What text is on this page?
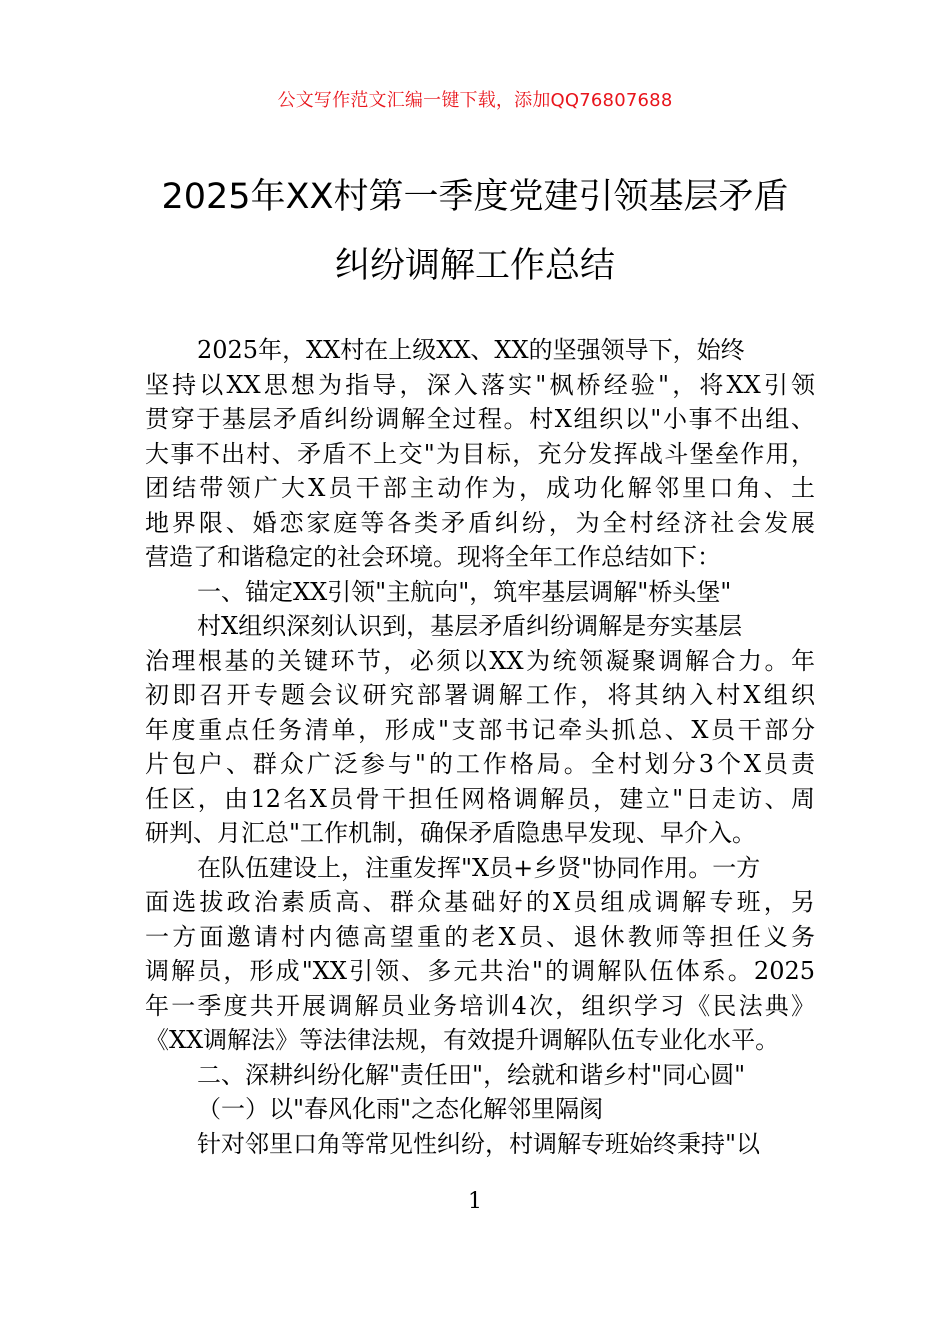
公文写作范文汇编一键下载，添加QQ76807688
2025年XX村第一季度党建引领基层矛盾
纠纷调解工作总结
2025年，XX村在上级XX、XX的坚强领导下，始终
坚持以XX思想为指导，深入落实"枫桥经验"，将XX引领
贯穿于基层矛盾纠纷调解全过程。村X组织以"小事不出组、
大事不出村、矛盾不上交"为目标，充分发挥战斗堡垒作用，
团结带领广大X员干部主动作为，成功化解邻里口角、土
地界限、婚恋家庭等各类矛盾纠纷，为全村经济社会发展
营造了和谐稳定的社会环境。现将全年工作总结如下：
一、锚定XX引领"主航向"，筑牢基层调解"桥头堡"
村X组织深刻认识到，基层矛盾纠纷调解是夯实基层
治理根基的关键环节，必须以XX为统领凝聚调解合力。年
初即召开专题会议研究部署调解工作，将其纳入村X组织
年度重点任务清单，形成"支部书记牵头抓总、X员干部分
片包户、群众广泛参与"的工作格局。全村划分3个X员责
任区，由12名X员骨干担任网格调解员，建立"日走访、周
研判、月汇总"工作机制，确保矛盾隐患早发现、早介入。
在队伍建设上，注重发挥"X员+乡贤"协同作用。一方
面选拔政治素质高、群众基础好的X员组成调解专班，另
一方面邀请村内德高望重的老X员、退休教师等担任义务
调解员，形成"XX引领、多元共治"的调解队伍体系。2025
年一季度共开展调解员业务培训4次，组织学习《民法典》
《XX调解法》等法律法规，有效提升调解队伍专业化水平。
二、深耕纠纷化解"责任田"，绘就和谐乡村"同心圆"
（一）以"春风化雨"之态化解邻里隔阂
针对邻里口角等常见性纠纷，村调解专班始终秉持"以
1
